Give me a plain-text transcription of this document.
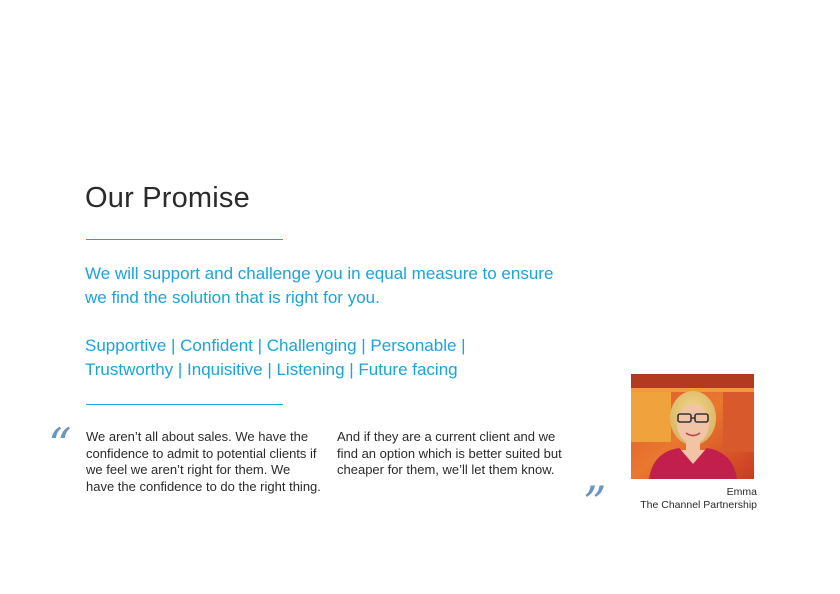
Our Promise
We will support and challenge you in equal measure to ensure we find the solution that is right for you.
Supportive | Confident | Challenging | Personable | Trustworthy | Inquisitive | Listening | Future facing
“ We aren’t all about sales. We have the confidence to admit to potential clients if we feel we aren’t right for them. We have the confidence to do the right thing.
And if they are a current client and we find an option which is better suited but cheaper for them, we’ll let them know.
”	Emma
The Channel Partnership
